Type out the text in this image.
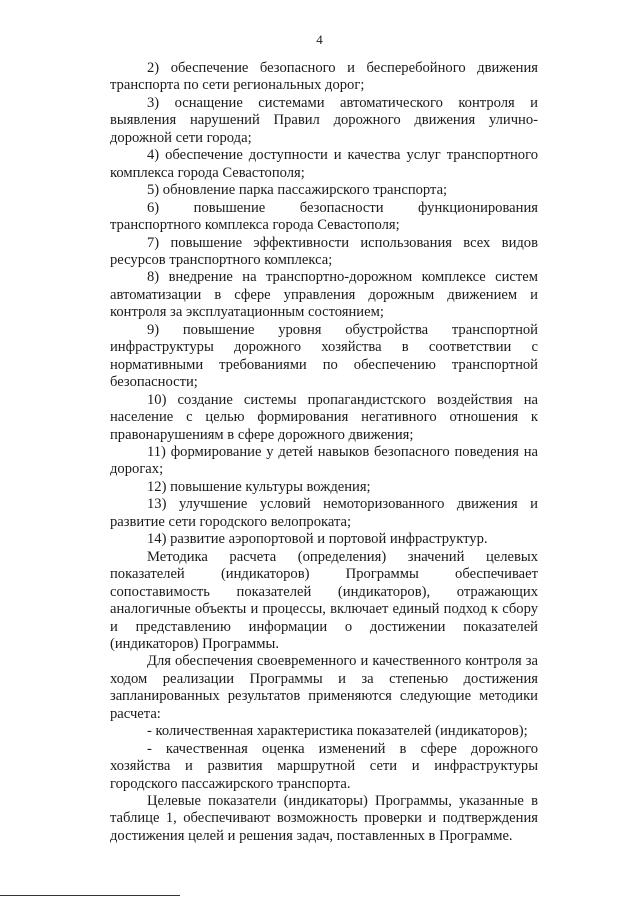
4

2) обеспечение безопасного и бесперебойного движения транспорта по сети региональных дорог;

3) оснащение системами автоматического контроля и выявления нарушений Правил дорожного движения улично-дорожной сети города;

4) обеспечение доступности и качества услуг транспортного комплекса города Севастополя;

5) обновление парка пассажирского транспорта;

6) повышение безопасности функционирования транспортного комплекса города Севастополя;

7) повышение эффективности использования всех видов ресурсов транспортного комплекса;

8) внедрение на транспортно-дорожном комплексе систем автоматизации в сфере управления дорожным движением и контроля за эксплуатационным состоянием;

9) повышение уровня обустройства транспортной инфраструктуры дорожного хозяйства в соответствии с нормативными требованиями по обеспечению транспортной безопасности;

10) создание системы пропагандистского воздействия на население с целью формирования негативного отношения к правонарушениям в сфере дорожного движения;

11) формирование у детей навыков безопасного поведения на дорогах;

12) повышение культуры вождения;

13) улучшение условий немоторизованного движения и развитие сети городского велопроката;

14) развитие аэропортовой и портовой инфраструктур.

Методика расчета (определения) значений целевых показателей (индикаторов) Программы обеспечивает сопоставимость показателей (индикаторов), отражающих аналогичные объекты и процессы, включает единый подход к сбору и представлению информации о достижении показателей (индикаторов) Программы.

Для обеспечения своевременного и качественного контроля за ходом реализации Программы и за степенью достижения запланированных результатов применяются следующие методики расчета:

- количественная характеристика показателей (индикаторов);

- качественная оценка изменений в сфере дорожного хозяйства и развития маршрутной сети и инфраструктуры городского пассажирского транспорта.

Целевые показатели (индикаторы) Программы, указанные в таблице 1, обеспечивают возможность проверки и подтверждения достижения целей и решения задач, поставленных в Программе.
